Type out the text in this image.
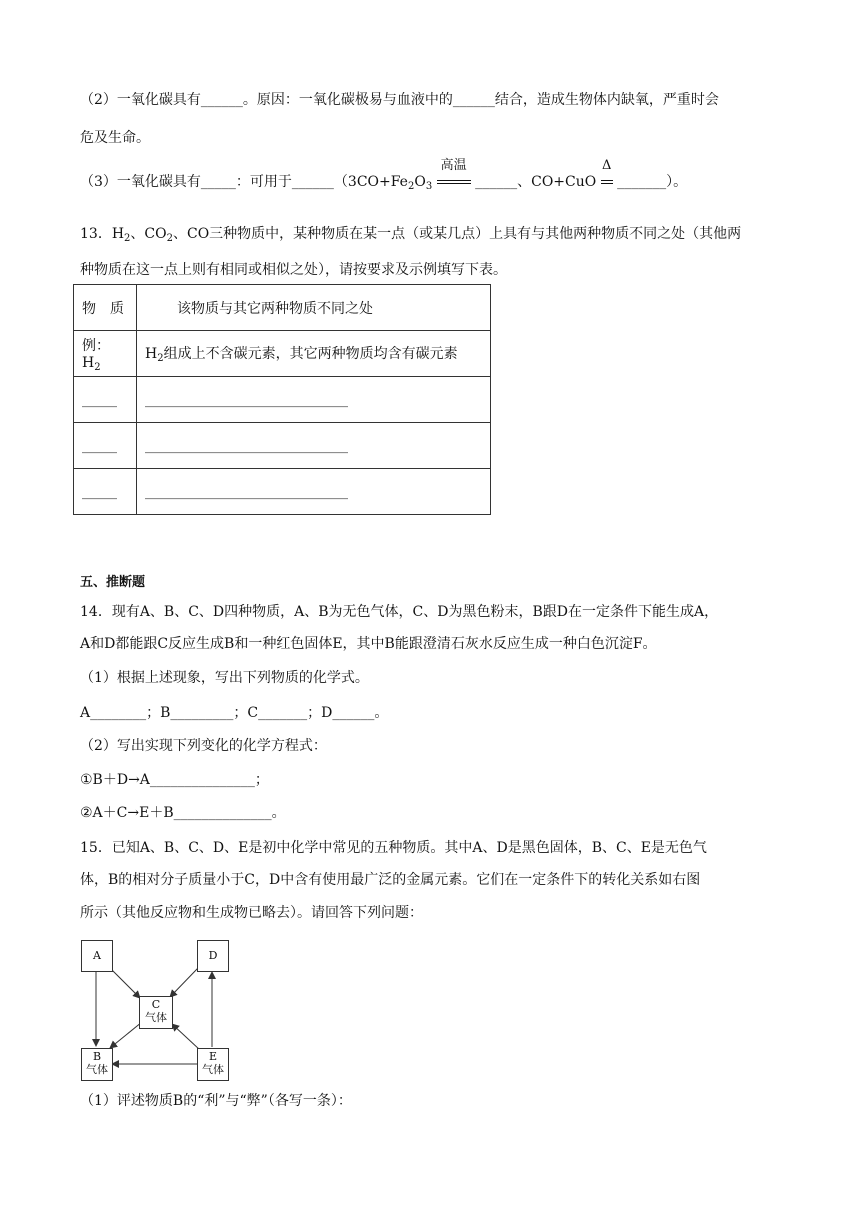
（2）一氧化碳具有______。原因：一氧化碳极易与血液中的______结合，造成生物体内缺氧，严重时会
危及生命。
（3）一氧化碳具有_____：可用于$\_\_\_\_\_\_(3CO+Fe_2O_3$
高温
______、CO+CuO
Δ
_______）。
13．$H_2$、$CO_2$、CO三种物质中，某种物质在某一点（或某几点）上具有与其他两种物质不同之处（其他两
种物质在这一点上则有相同或相似之处），请按要求及示例填写下表。
物　质	该物质与其它两种物质不同之处
例：$H_2$	$H_2$组成上不含碳元素，其它两种物质均含有碳元素
_____	_____________________________
_____	_____________________________
_____	_____________________________
五、推断题
14．现有A、B、C、D四种物质，A、B为无色气体，C、D为黑色粉末，B跟D在一定条件下能生成A，
A和D都能跟C反应生成B和一种红色固体E，其中B能跟澄清石灰水反应生成一种白色沉淀F。
（1）根据上述现象，写出下列物质的化学式。
A________；B_________；C_______；D______。
（2）写出实现下列变化的化学方程式：
①B＋D→A_______________；
②A＋C→E＋B______________。
15．已知A、B、C、D、E是初中化学中常见的五种物质。其中A、D是黑色固体，B、C、E是无色气
体，B的相对分子质量小于C，D中含有使用最广泛的金属元素。它们在一定条件下的转化关系如右图
所示（其他反应物和生成物已略去）。请回答下列问题：
A	D
C
气体
B
气体
E
气体
（1）评述物质B的“利”与“弊”（各写一条）：
